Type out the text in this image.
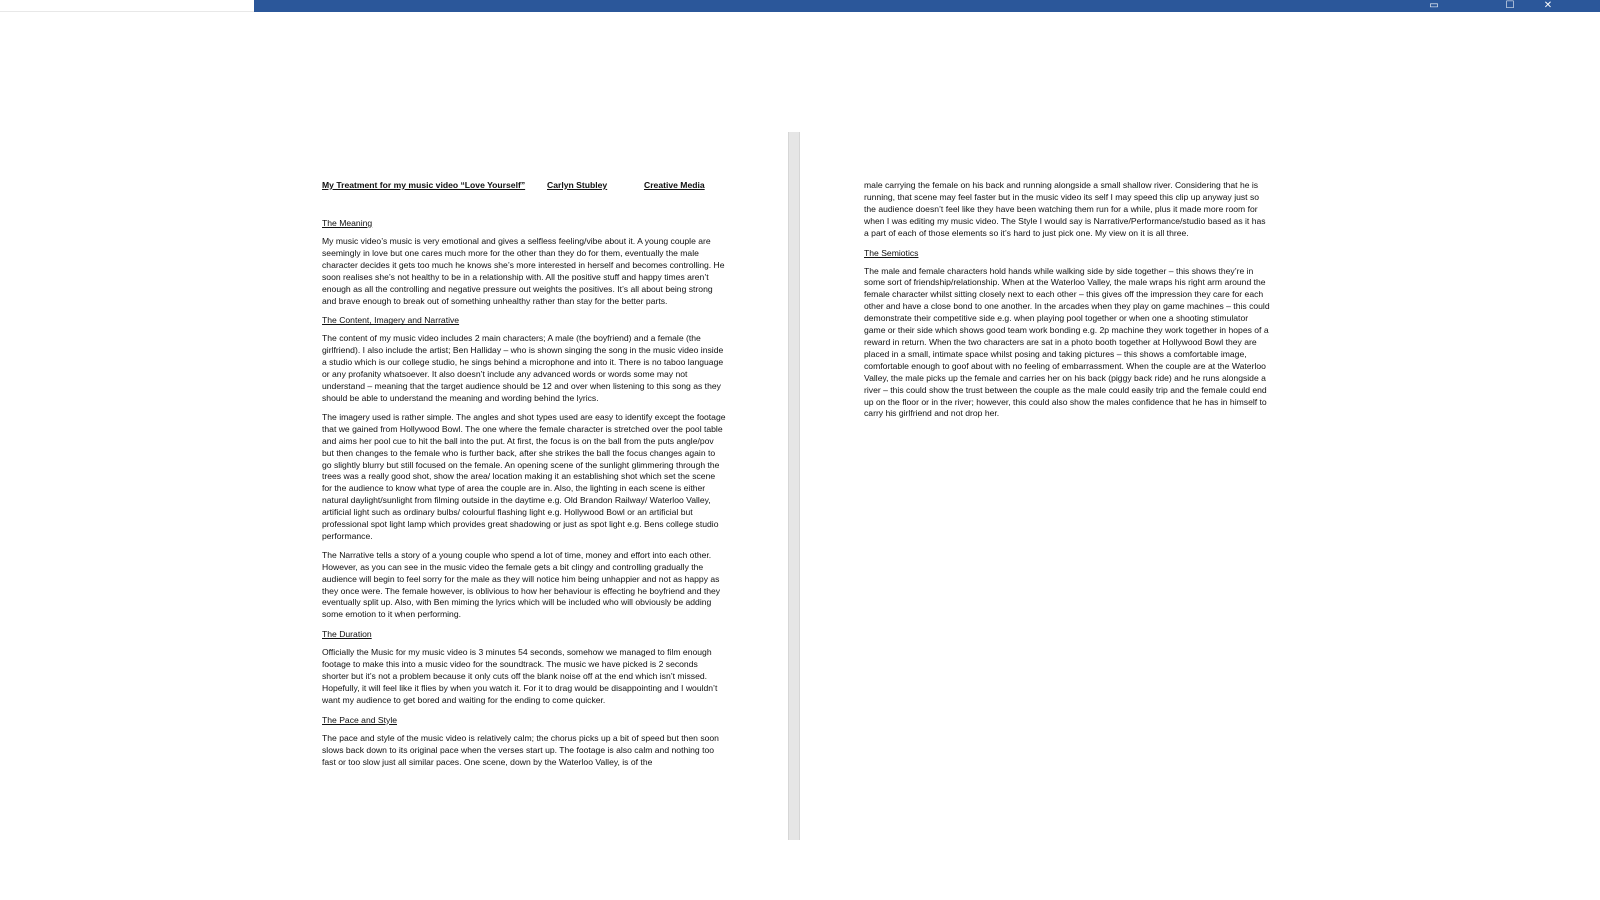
▭	☐	✕
My Treatment for my music video “Love Yourself”	Carlyn Stubley	Creative Media
The Meaning

My music video’s music is very emotional and gives a selfless feeling/vibe about it. A young couple are seemingly in love but one cares much more for the other than they do for them, eventually the male character decides it gets too much he knows she’s more interested in herself and becomes controlling. He soon realises she’s not healthy to be in a relationship with. All the positive stuff and happy times aren’t enough as all the controlling and negative pressure out weights the positives. It’s all about being strong and brave enough to break out of something unhealthy rather than stay for the better parts.

The Content, Imagery and Narrative

The content of my music video includes 2 main characters; A male (the boyfriend) and a female (the girlfriend). I also include the artist; Ben Halliday – who is shown singing the song in the music video inside a studio which is our college studio, he sings behind a microphone and into it. There is no taboo language or any profanity whatsoever. It also doesn’t include any advanced words or words some may not understand – meaning that the target audience should be 12 and over when listening to this song as they should be able to understand the meaning and wording behind the lyrics.

The imagery used is rather simple. The angles and shot types used are easy to identify except the footage that we gained from Hollywood Bowl. The one where the female character is stretched over the pool table and aims her pool cue to hit the ball into the put. At first, the focus is on the ball from the puts angle/pov but then changes to the female who is further back, after she strikes the ball the focus changes again to go slightly blurry but still focused on the female. An opening scene of the sunlight glimmering through the trees was a really good shot, show the area/ location making it an establishing shot which set the scene for the audience to know what type of area the couple are in. Also, the lighting in each scene is either natural daylight/sunlight from filming outside in the daytime e.g. Old Brandon Railway/ Waterloo Valley, artificial light such as ordinary bulbs/ colourful flashing light e.g. Hollywood Bowl or an artificial but professional spot light lamp which provides great shadowing or just as spot light e.g. Bens college studio performance.

The Narrative tells a story of a young couple who spend a lot of time, money and effort into each other. However, as you can see in the music video the female gets a bit clingy and controlling gradually the audience will begin to feel sorry for the male as they will notice him being unhappier and not as happy as they once were. The female however, is oblivious to how her behaviour is effecting he boyfriend and they eventually split up. Also, with Ben miming the lyrics which will be included who will obviously be adding some emotion to it when performing.

The Duration

Officially the Music for my music video is 3 minutes 54 seconds, somehow we managed to film enough footage to make this into a music video for the soundtrack. The music we have picked is 2 seconds shorter but it’s not a problem because it only cuts off the blank noise off at the end which isn’t missed. Hopefully, it will feel like it flies by when you watch it. For it to drag would be disappointing and I wouldn’t want my audience to get bored and waiting for the ending to come quicker.

The Pace and Style

The pace and style of the music video is relatively calm; the chorus picks up a bit of speed but then soon slows back down to its original pace when the verses start up. The footage is also calm and nothing too fast or too slow just all similar paces. One scene, down by the Waterloo Valley, is of the

male carrying the female on his back and running alongside a small shallow river. Considering that he is running, that scene may feel faster but in the music video its self I may speed this clip up anyway just so the audience doesn’t feel like they have been watching them run for a while, plus it made more room for when I was editing my music video. The Style I would say is Narrative/Performance/studio based as it has a part of each of those elements so it’s hard to just pick one. My view on it is all three.

The Semiotics

The male and female characters hold hands while walking side by side together – this shows they’re in some sort of friendship/relationship. When at the Waterloo Valley, the male wraps his right arm around the female character whilst sitting closely next to each other – this gives off the impression they care for each other and have a close bond to one another. In the arcades when they play on game machines – this could demonstrate their competitive side e.g. when playing pool together or when one a shooting stimulator game or their side which shows good team work bonding e.g. 2p machine they work together in hopes of a reward in return. When the two characters are sat in a photo booth together at Hollywood Bowl they are placed in a small, intimate space whilst posing and taking pictures – this shows a comfortable image, comfortable enough to goof about with no feeling of embarrassment. When the couple are at the Waterloo Valley, the male picks up the female and carries her on his back (piggy back ride) and he runs alongside a river – this could show the trust between the couple as the male could easily trip and the female could end up on the floor or in the river; however, this could also show the males confidence that he has in himself to carry his girlfriend and not drop her.
